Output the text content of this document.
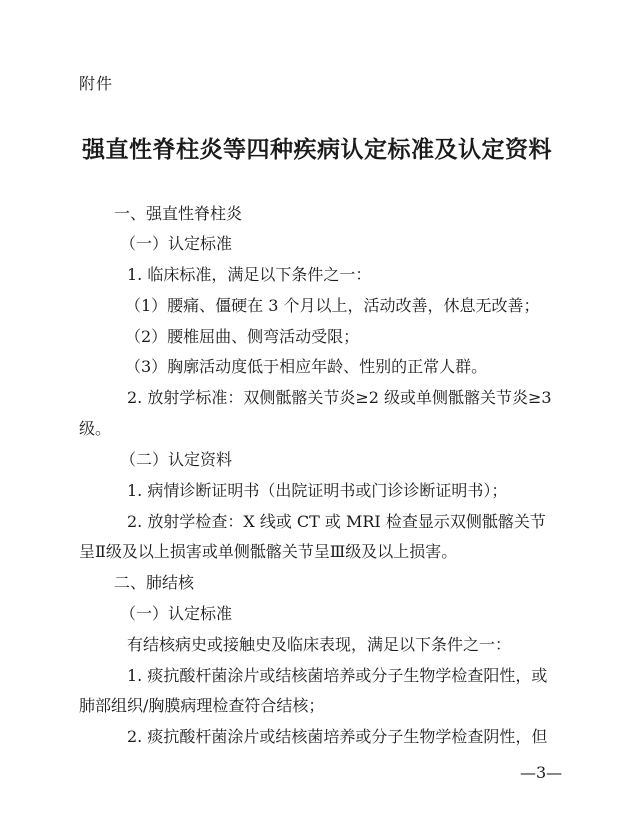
附件
强直性脊柱炎等四种疾病认定标准及认定资料
一、强直性脊柱炎
（一）认定标准
1. 临床标准，满足以下条件之一：
（1）腰痛、僵硬在 3 个月以上，活动改善，休息无改善；
（2）腰椎屈曲、侧弯活动受限；
（3）胸廓活动度低于相应年龄、性别的正常人群。
2. 放射学标准：双侧骶髂关节炎≥2 级或单侧骶髂关节炎≥3
级。
（二）认定资料
1. 病情诊断证明书（出院证明书或门诊诊断证明书）；
2. 放射学检查：X 线或 CT 或 MRI 检查显示双侧骶髂关节
呈Ⅱ级及以上损害或单侧骶髂关节呈Ⅲ级及以上损害。
二、肺结核
（一）认定标准
有结核病史或接触史及临床表现，满足以下条件之一：
1. 痰抗酸杆菌涂片或结核菌培养或分子生物学检查阳性，或
肺部组织/胸膜病理检查符合结核；
2. 痰抗酸杆菌涂片或结核菌培养或分子生物学检查阴性，但
—3—
